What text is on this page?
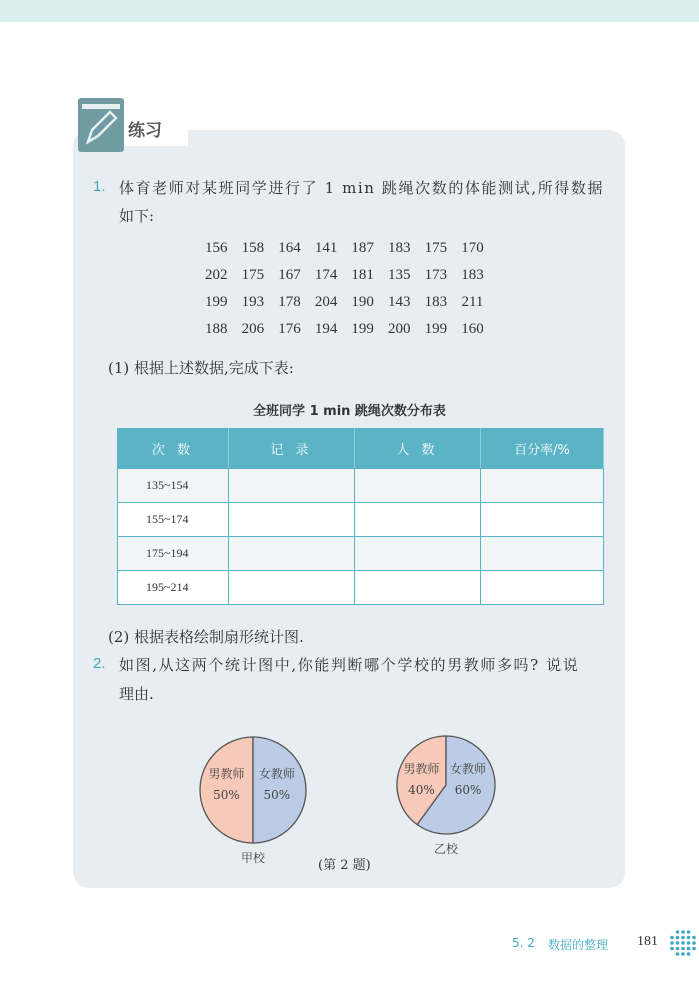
练习
1. 体育老师对某班同学进行了 1 min 跳绳次数的体能测试,所得数据
如下:
156 158 164 141 187 183 175 170
202 175 167 174 181 135 173 183
199 193 178 204 190 143 183 211
188 206 176 194 199 200 199 160
(1) 根据上述数据,完成下表:
全班同学 1 min 跳绳次数分布表
次 数	记 录	人 数	百分率/%
135~154			
155~174			
175~194			
195~214			
(2) 根据表格绘制扇形统计图.
2. 如图,从这两个统计图中,你能判断哪个学校的男教师多吗? 说说
理由.
男教师
50%
女教师
50%
甲校
男教师
40%
女教师
60%
乙校
(第 2 题)
5. 2 数据的整理 181
